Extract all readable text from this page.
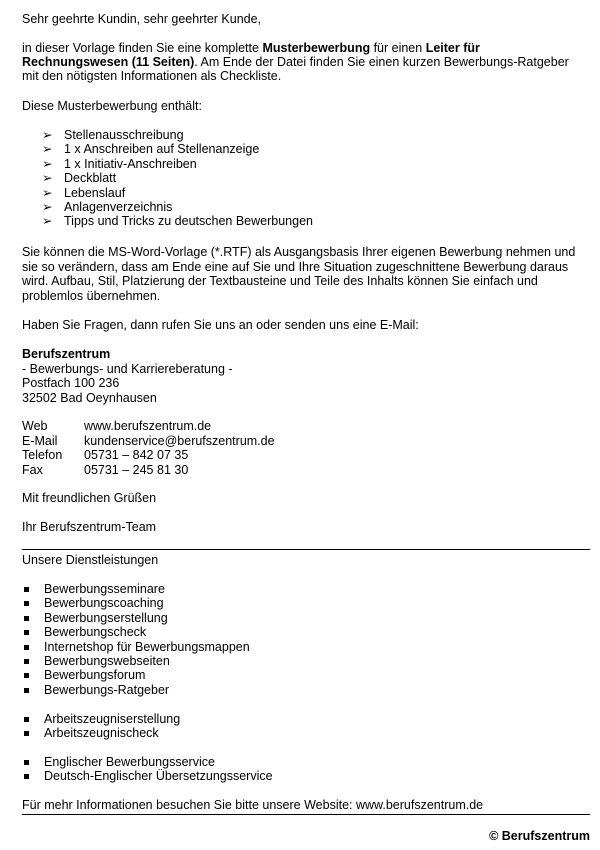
Sehr geehrte Kundin, sehr geehrter Kunde,
in dieser Vorlage finden Sie eine komplette Musterbewerbung für einen Leiter für
Rechnungswesen (11 Seiten). Am Ende der Datei finden Sie einen kurzen Bewerbungs-Ratgeber
mit den nötigsten Informationen als Checkliste.
Diese Musterbewerbung enthält:
➢ Stellenausschreibung
➢ 1 x Anschreiben auf Stellenanzeige
➢ 1 x Initiativ-Anschreiben
➢ Deckblatt
➢ Lebenslauf
➢ Anlagenverzeichnis
➢ Tipps und Tricks zu deutschen Bewerbungen
Sie können die MS-Word-Vorlage (*.RTF) als Ausgangsbasis Ihrer eigenen Bewerbung nehmen und
sie so verändern, dass am Ende eine auf Sie und Ihre Situation zugeschnittene Bewerbung daraus
wird. Aufbau, Stil, Platzierung der Textbausteine und Teile des Inhalts können Sie einfach und
problemlos übernehmen.
Haben Sie Fragen, dann rufen Sie uns an oder senden uns eine E-Mail:
Berufszentrum
- Bewerbungs- und Karriereberatung -
Postfach 100 236
32502 Bad Oeynhausen
Web	www.berufszentrum.de
E-Mail kundenservice@berufszentrum.de
Telefon 05731 – 842 07 35
Fax	05731 – 245 81 30
Mit freundlichen Grüßen
Ihr Berufszentrum-Team
Unsere Dienstleistungen
Bewerbungsseminare
Bewerbungscoaching
Bewerbungserstellung
Bewerbungscheck
Internetshop für Bewerbungsmappen
Bewerbungswebseiten
Bewerbungsforum
Bewerbungs-Ratgeber
Arbeitszeugniserstellung
Arbeitszeugnischeck
Englischer Bewerbungsservice
Deutsch-Englischer Übersetzungsservice
Für mehr Informationen besuchen Sie bitte unsere Website: www.berufszentrum.de
© Berufszentrum
